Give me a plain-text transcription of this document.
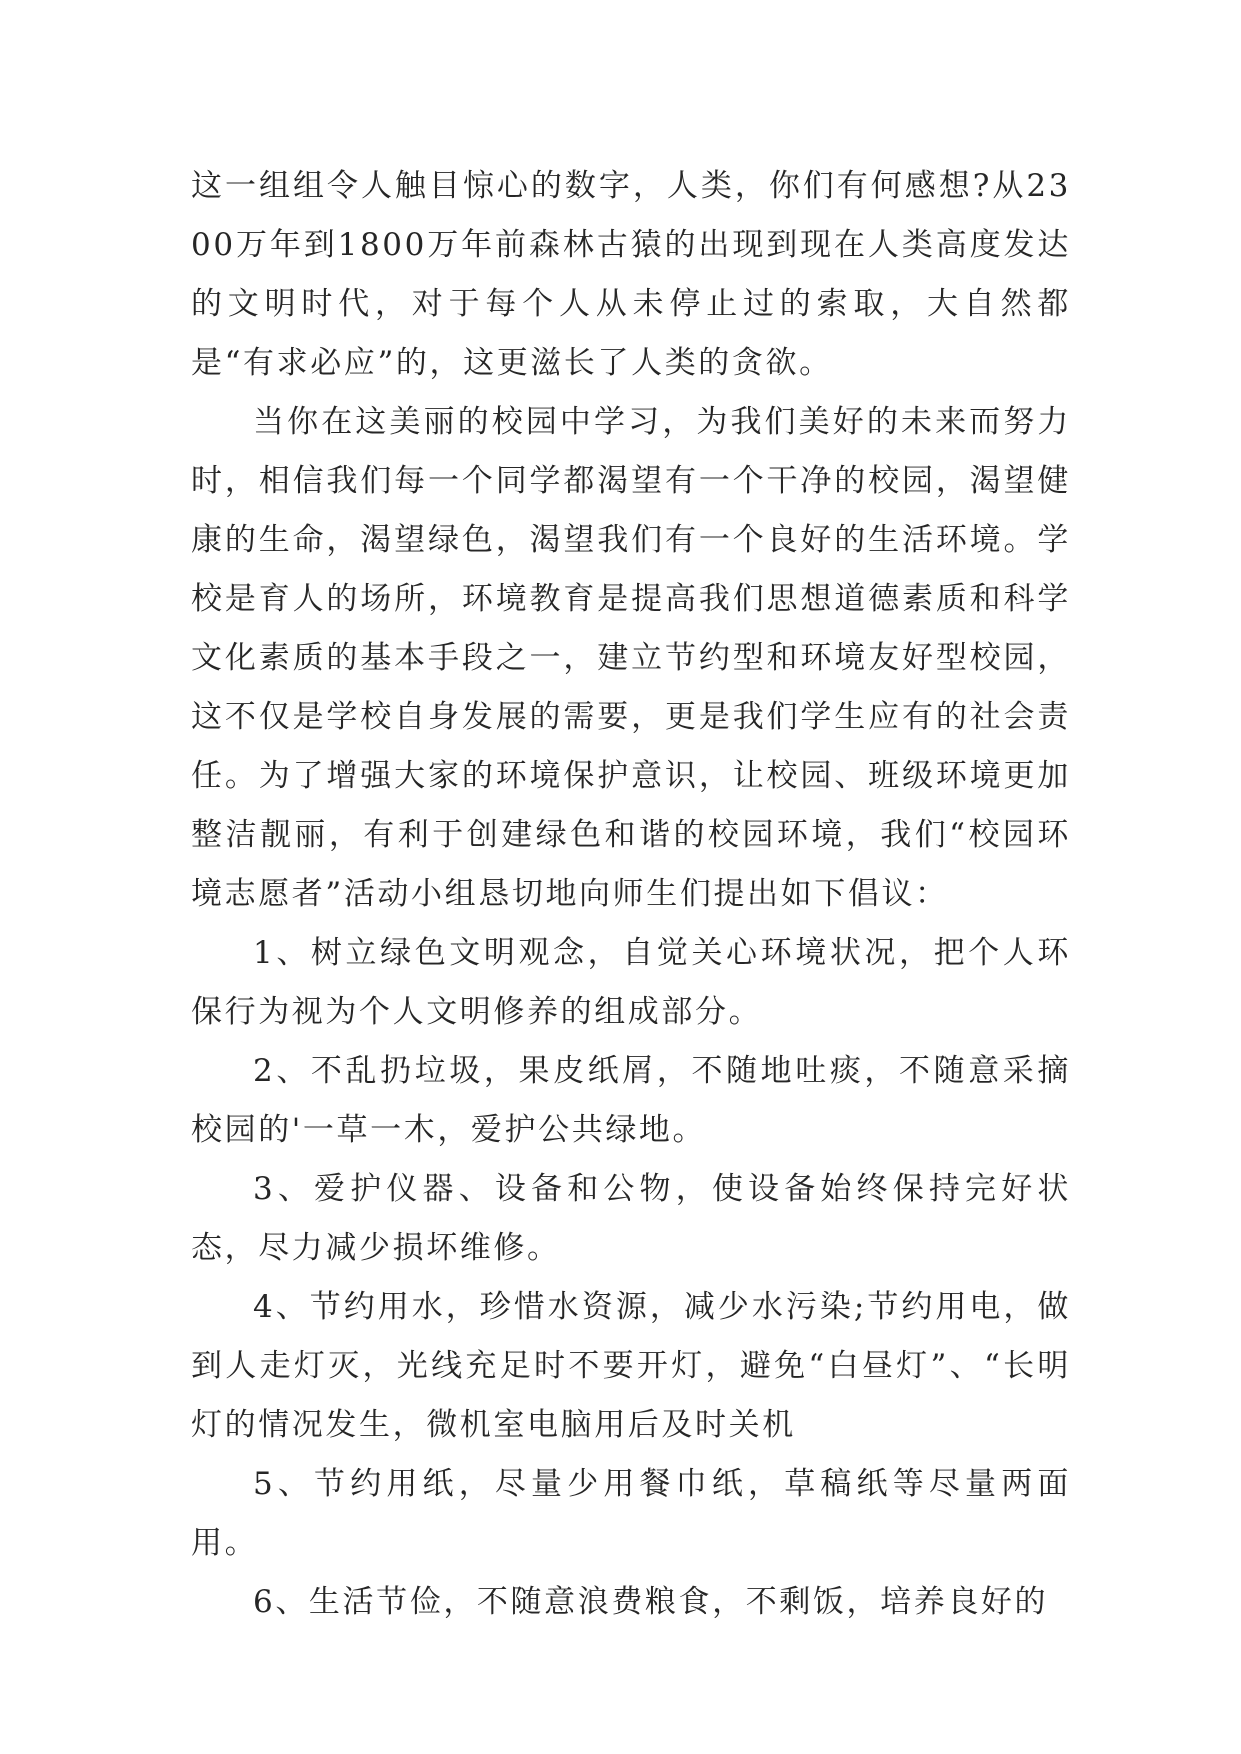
这一组组令人触目惊心的数字，人类，你们有何感想?从2300万年到1800万年前森林古猿的出现到现在人类高度发达的文明时代，对于每个人从未停止过的索取，大自然都是“有求必应”的，这更滋长了人类的贪欲。

当你在这美丽的校园中学习，为我们美好的未来而努力时，相信我们每一个同学都渴望有一个干净的校园，渴望健康的生命，渴望绿色，渴望我们有一个良好的生活环境。学校是育人的场所，环境教育是提高我们思想道德素质和科学文化素质的基本手段之一，建立节约型和环境友好型校园，这不仅是学校自身发展的需要，更是我们学生应有的社会责任。为了增强大家的环境保护意识，让校园、班级环境更加整洁靓丽，有利于创建绿色和谐的校园环境，我们“校园环境志愿者”活动小组恳切地向师生们提出如下倡议：

1、树立绿色文明观念，自觉关心环境状况，把个人环保行为视为个人文明修养的组成部分。

2、不乱扔垃圾，果皮纸屑，不随地吐痰，不随意采摘校园的'一草一木，爱护公共绿地。

3、爱护仪器、设备和公物，使设备始终保持完好状态，尽力减少损坏维修。

4、节约用水，珍惜水资源，减少水污染;节约用电，做到人走灯灭，光线充足时不要开灯，避免“白昼灯”、“长明灯的情况发生，微机室电脑用后及时关机

5、节约用纸，尽量少用餐巾纸，草稿纸等尽量两面用。

6、生活节俭，不随意浪费粮食，不剩饭，培养良好的
